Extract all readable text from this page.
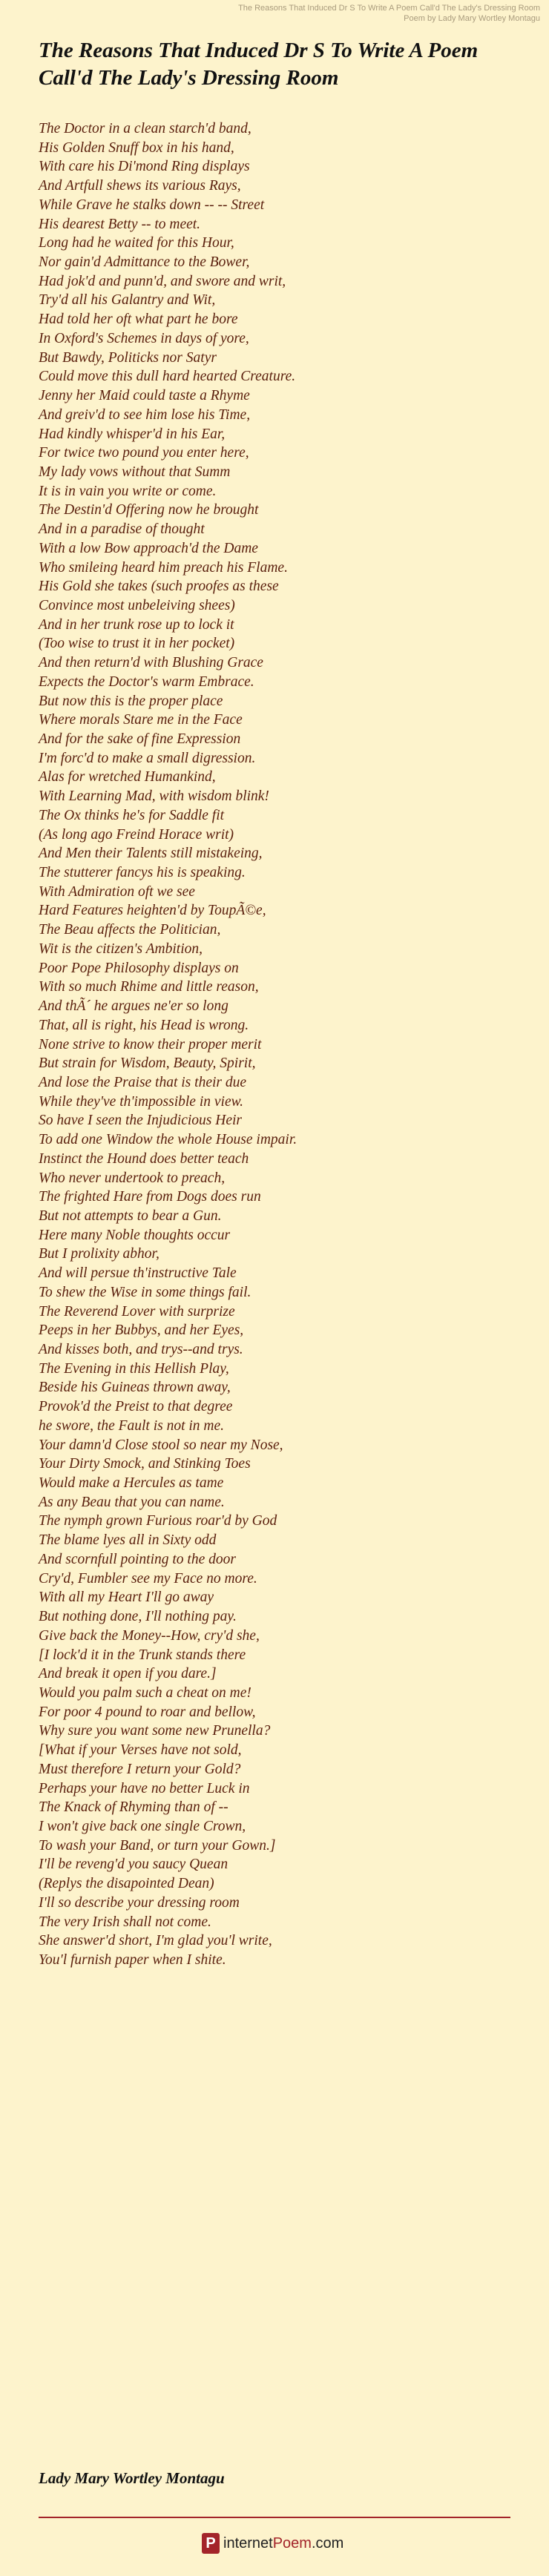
The Reasons That Induced Dr S To Write A Poem Call'd The Lady's Dressing Room Poem by Lady Mary Wortley Montagu
The Reasons That Induced Dr S To Write A Poem Call'd The Lady's Dressing Room
The Doctor in a clean starch'd band,
His Golden Snuff box in his hand,
With care his Di'mond Ring displays
And Artfull shews its various Rays,
While Grave he stalks down -- -- Street
His dearest Betty -- to meet.
Long had he waited for this Hour,
Nor gain'd Admittance to the Bower,
Had jok'd and punn'd, and swore and writ,
Try'd all his Galantry and Wit,
Had told her oft what part he bore
In Oxford's Schemes in days of yore,
But Bawdy, Politicks nor Satyr
Could move this dull hard hearted Creature.
Jenny her Maid could taste a Rhyme
And greiv'd to see him lose his Time,
Had kindly whisper'd in his Ear,
For twice two pound you enter here,
My lady vows without that Summ
It is in vain you write or come.
The Destin'd Offering now he brought
And in a paradise of thought
With a low Bow approach'd the Dame
Who smileing heard him preach his Flame.
His Gold she takes (such proofes as these
Convince most unbeleiving shees)
And in her trunk rose up to lock it
(Too wise to trust it in her pocket)
And then return'd with Blushing Grace
Expects the Doctor's warm Embrace.
But now this is the proper place
Where morals Stare me in the Face
And for the sake of fine Expression
I'm forc'd to make a small digression.
Alas for wretched Humankind,
With Learning Mad, with wisdom blink!
The Ox thinks he's for Saddle fit
(As long ago Freind Horace writ)
And Men their Talents still mistakeing,
The stutterer fancys his is speaking.
With Admiration oft we see
Hard Features heighten'd by ToupÃ©e,
The Beau affects the Politician,
Wit is the citizen's Ambition,
Poor Pope Philosophy displays on
With so much Rhime and little reason,
And thÃ´ he argues ne'er so long
That, all is right, his Head is wrong.
None strive to know their proper merit
But strain for Wisdom, Beauty, Spirit,
And lose the Praise that is their due
While they've th'impossible in view.
So have I seen the Injudicious Heir
To add one Window the whole House impair.
Instinct the Hound does better teach
Who never undertook to preach,
The frighted Hare from Dogs does run
But not attempts to bear a Gun.
Here many Noble thoughts occur
But I prolixity abhor,
And will persue th'instructive Tale
To shew the Wise in some things fail.
The Reverend Lover with surprize
Peeps in her Bubbys, and her Eyes,
And kisses both, and trys--and trys.
The Evening in this Hellish Play,
Beside his Guineas thrown away,
Provok'd the Preist to that degree
he swore, the Fault is not in me.
Your damn'd Close stool so near my Nose,
Your Dirty Smock, and Stinking Toes
Would make a Hercules as tame
As any Beau that you can name.
The nymph grown Furious roar'd by God
The blame lyes all in Sixty odd
And scornfull pointing to the door
Cry'd, Fumbler see my Face no more.
With all my Heart I'll go away
But nothing done, I'll nothing pay.
Give back the Money--How, cry'd she,
[I lock'd it in the Trunk stands there
And break it open if you dare.]
Would you palm such a cheat on me!
For poor 4 pound to roar and bellow,
Why sure you want some new Prunella?
[What if your Verses have not sold,
Must therefore I return your Gold?
Perhaps your have no better Luck in
The Knack of Rhyming than of --
I won't give back one single Crown,
To wash your Band, or turn your Gown.]
I'll be reveng'd you saucy Quean
(Replys the disapointed Dean)
I'll so describe your dressing room
The very Irish shall not come.
She answer'd short, I'm glad you'l write,
You'l furnish paper when I shite.
Lady Mary Wortley Montagu
P internet Poem .com
